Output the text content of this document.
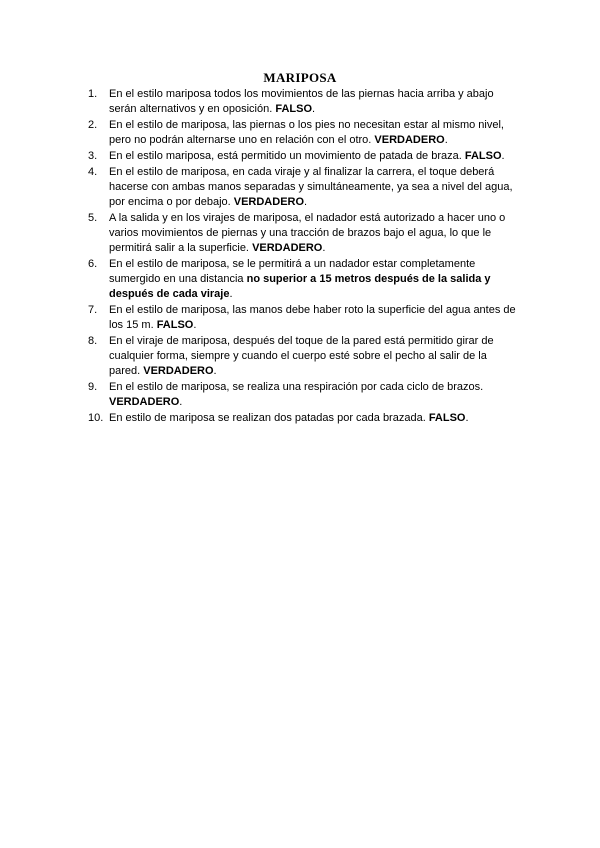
MARIPOSA
1. En el estilo mariposa todos los movimientos de las piernas hacia arriba y abajo serán alternativos y en oposición. FALSO.
2. En el estilo de mariposa, las piernas o los pies no necesitan estar al mismo nivel, pero no podrán alternarse uno en relación con el otro. VERDADERO.
3. En el estilo mariposa, está permitido un movimiento de patada de braza. FALSO.
4. En el estilo de mariposa, en cada viraje y al finalizar la carrera, el toque deberá hacerse con ambas manos separadas y simultáneamente, ya sea a nivel del agua, por encima o por debajo. VERDADERO.
5. A la salida y en los virajes de mariposa, el nadador está autorizado a hacer uno o varios movimientos de piernas y una tracción de brazos bajo el agua, lo que le permitirá salir a la superficie. VERDADERO.
6. En el estilo de mariposa, se le permitirá a un nadador estar completamente sumergido en una distancia no superior a 15 metros después de la salida y después de cada viraje.
7. En el estilo de mariposa, las manos debe haber roto la superficie del agua antes de los 15 m. FALSO.
8. En el viraje de mariposa, después del toque de la pared está permitido girar de cualquier forma, siempre y cuando el cuerpo esté sobre el pecho al salir de la pared. VERDADERO.
9. En el estilo de mariposa, se realiza una respiración por cada ciclo de brazos. VERDADERO.
10. En estilo de mariposa se realizan dos patadas por cada brazada. FALSO.
